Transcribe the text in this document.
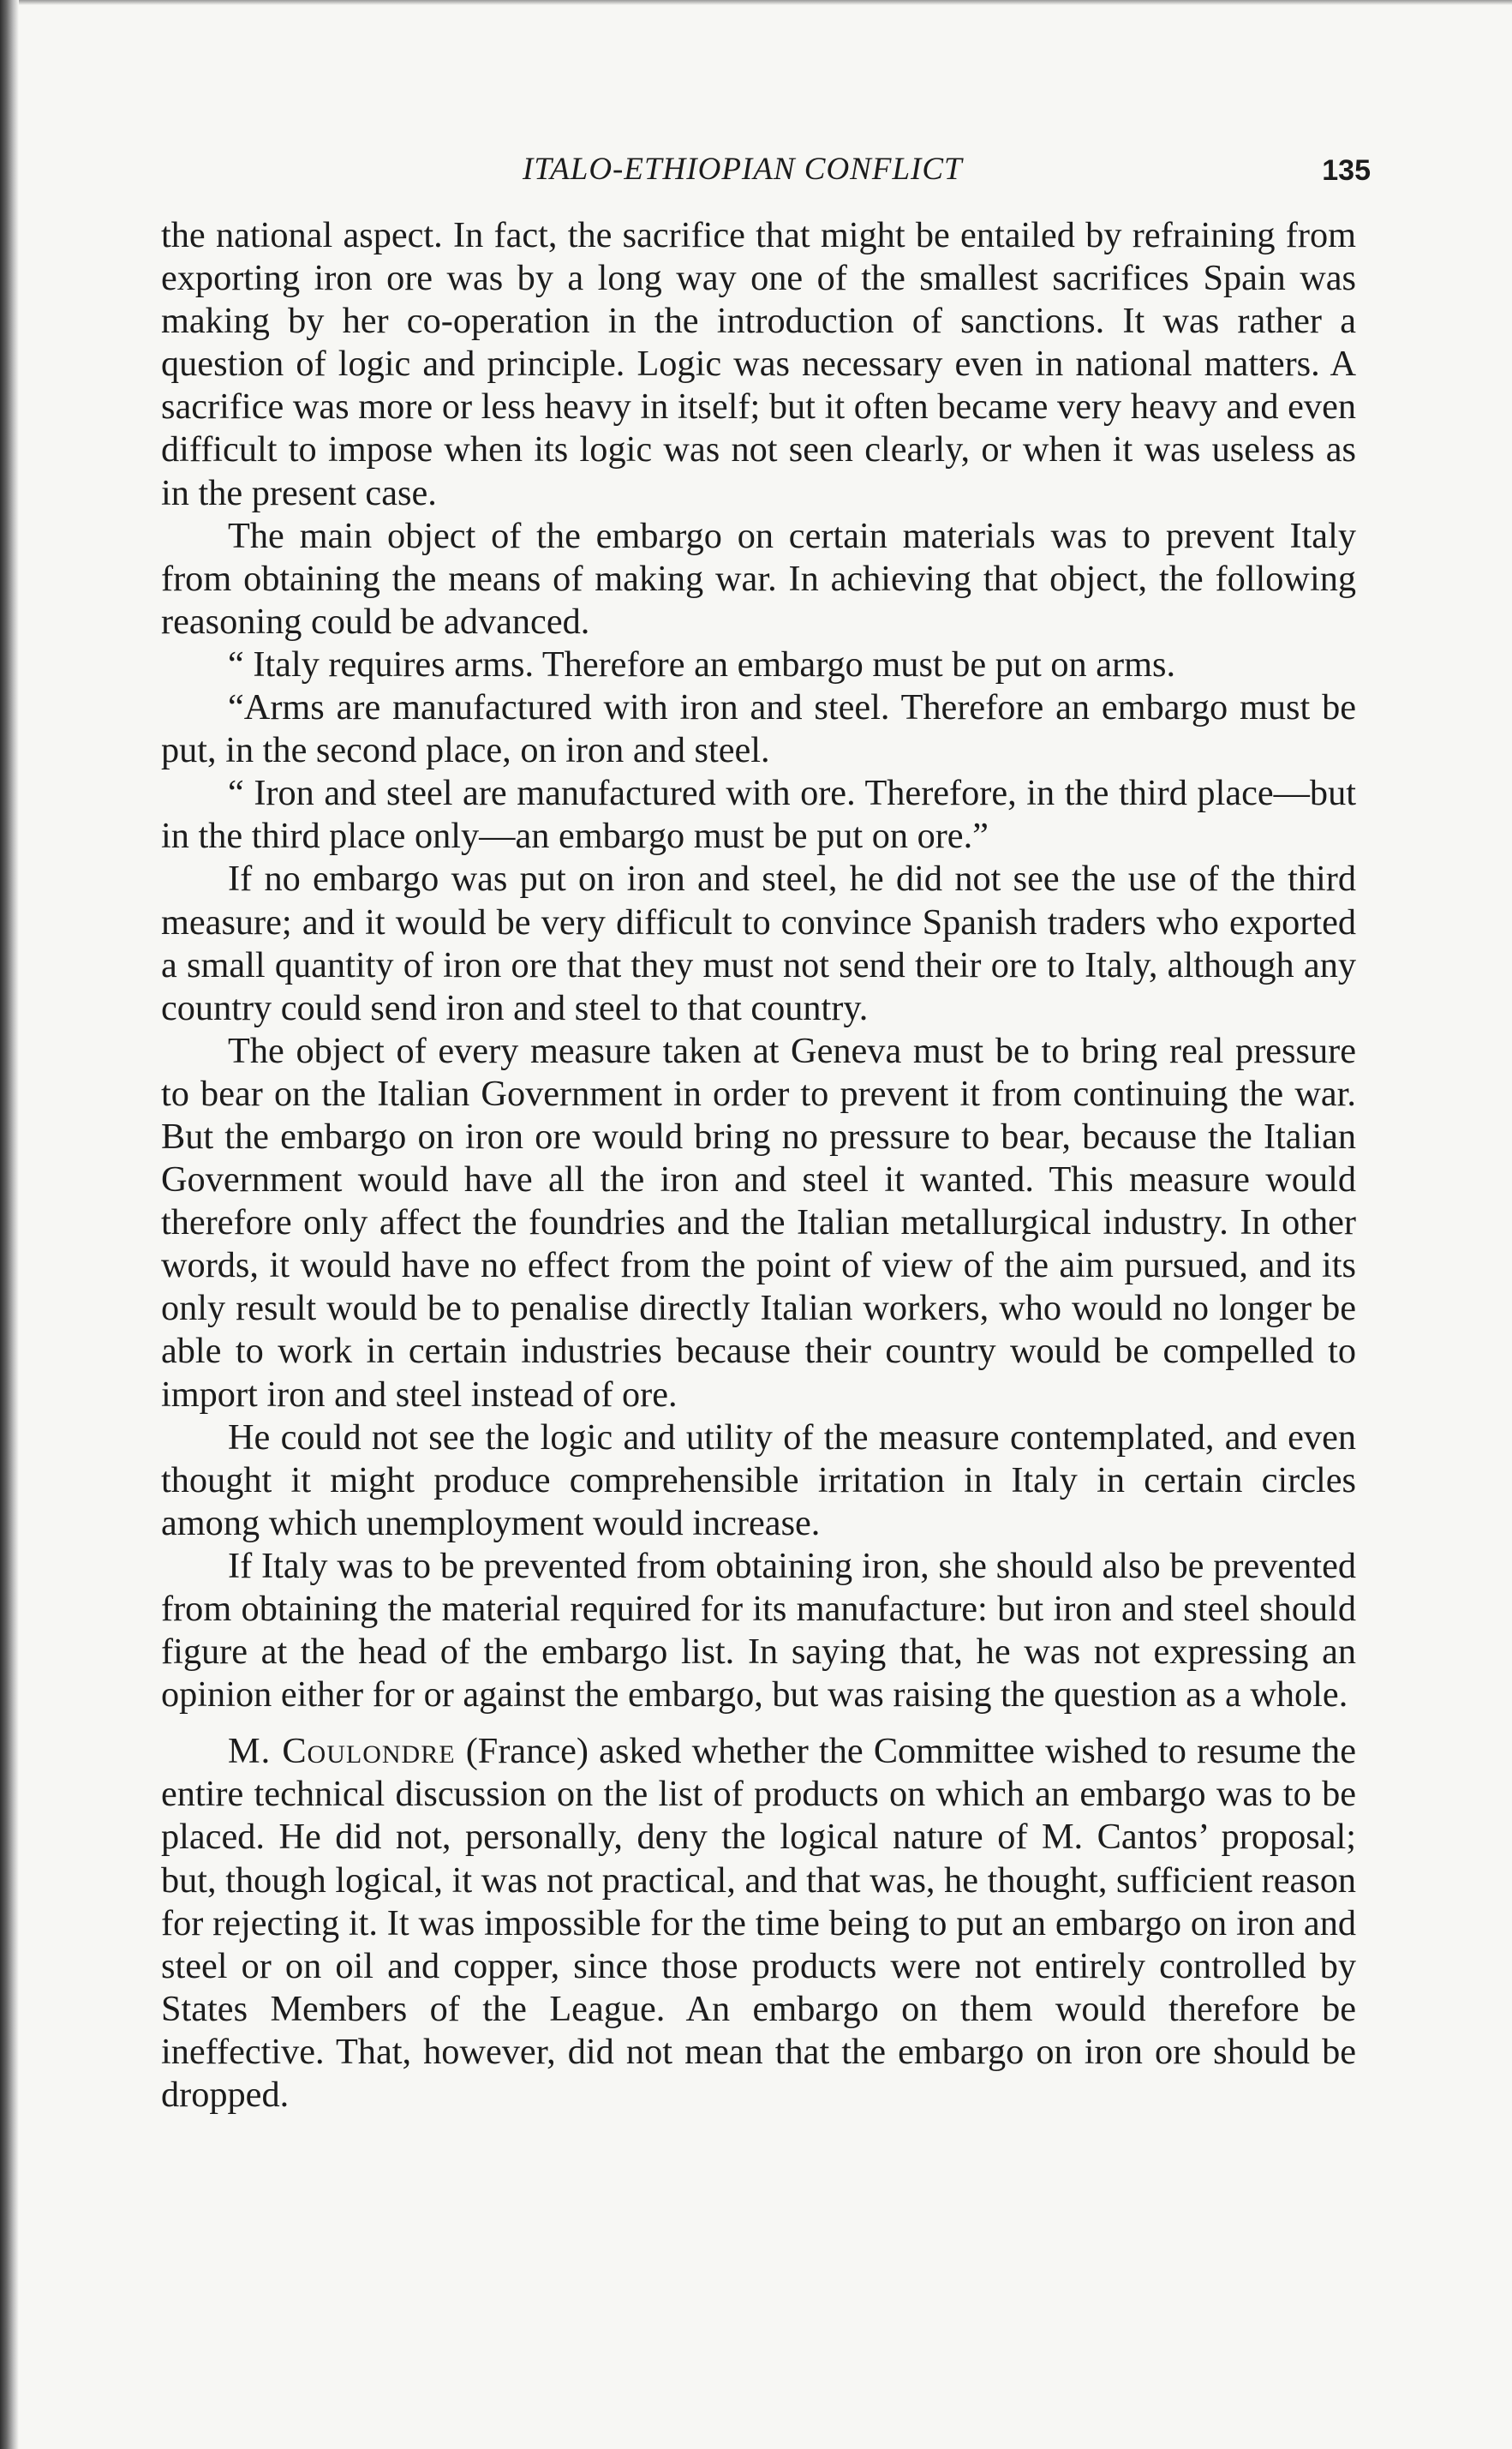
ITALO-ETHIOPIAN CONFLICT	135

the national aspect. In fact, the sacrifice that might be entailed by refraining from exporting iron ore was by a long way one of the smallest sacrifices Spain was making by her co-operation in the introduction of sanctions. It was rather a question of logic and principle. Logic was necessary even in national matters. A sacrifice was more or less heavy in itself; but it often became very heavy and even difficult to impose when its logic was not seen clearly, or when it was useless as in the present case.

The main object of the embargo on certain materials was to prevent Italy from obtaining the means of making war. In achieving that object, the following reasoning could be advanced.

“ Italy requires arms. Therefore an embargo must be put on arms.

“Arms are manufactured with iron and steel. Therefore an embargo must be put, in the second place, on iron and steel.

“ Iron and steel are manufactured with ore. Therefore, in the third place—but in the third place only—an embargo must be put on ore.”

If no embargo was put on iron and steel, he did not see the use of the third measure; and it would be very difficult to convince Spanish traders who exported a small quantity of iron ore that they must not send their ore to Italy, although any country could send iron and steel to that country.

The object of every measure taken at Geneva must be to bring real pressure to bear on the Italian Government in order to prevent it from continuing the war. But the embargo on iron ore would bring no pressure to bear, because the Italian Government would have all the iron and steel it wanted. This measure would therefore only affect the foundries and the Italian metallurgical industry. In other words, it would have no effect from the point of view of the aim pursued, and its only result would be to penalise directly Italian workers, who would no longer be able to work in certain industries because their country would be compelled to import iron and steel instead of ore.

He could not see the logic and utility of the measure contemplated, and even thought it might produce comprehensible irritation in Italy in certain circles among which unemployment would increase.

If Italy was to be prevented from obtaining iron, she should also be prevented from obtaining the material required for its manufacture: but iron and steel should figure at the head of the embargo list. In saying that, he was not expressing an opinion either for or against the embargo, but was raising the question as a whole.

M. Coulondre (France) asked whether the Committee wished to resume the entire technical discussion on the list of products on which an embargo was to be placed. He did not, personally, deny the logical nature of M. Cantos’ proposal; but, though logical, it was not practical, and that was, he thought, sufficient reason for rejecting it. It was impossible for the time being to put an embargo on iron and steel or on oil and copper, since those products were not entirely controlled by States Members of the League. An embargo on them would therefore be ineffective. That, however, did not mean that the embargo on iron ore should be dropped.
